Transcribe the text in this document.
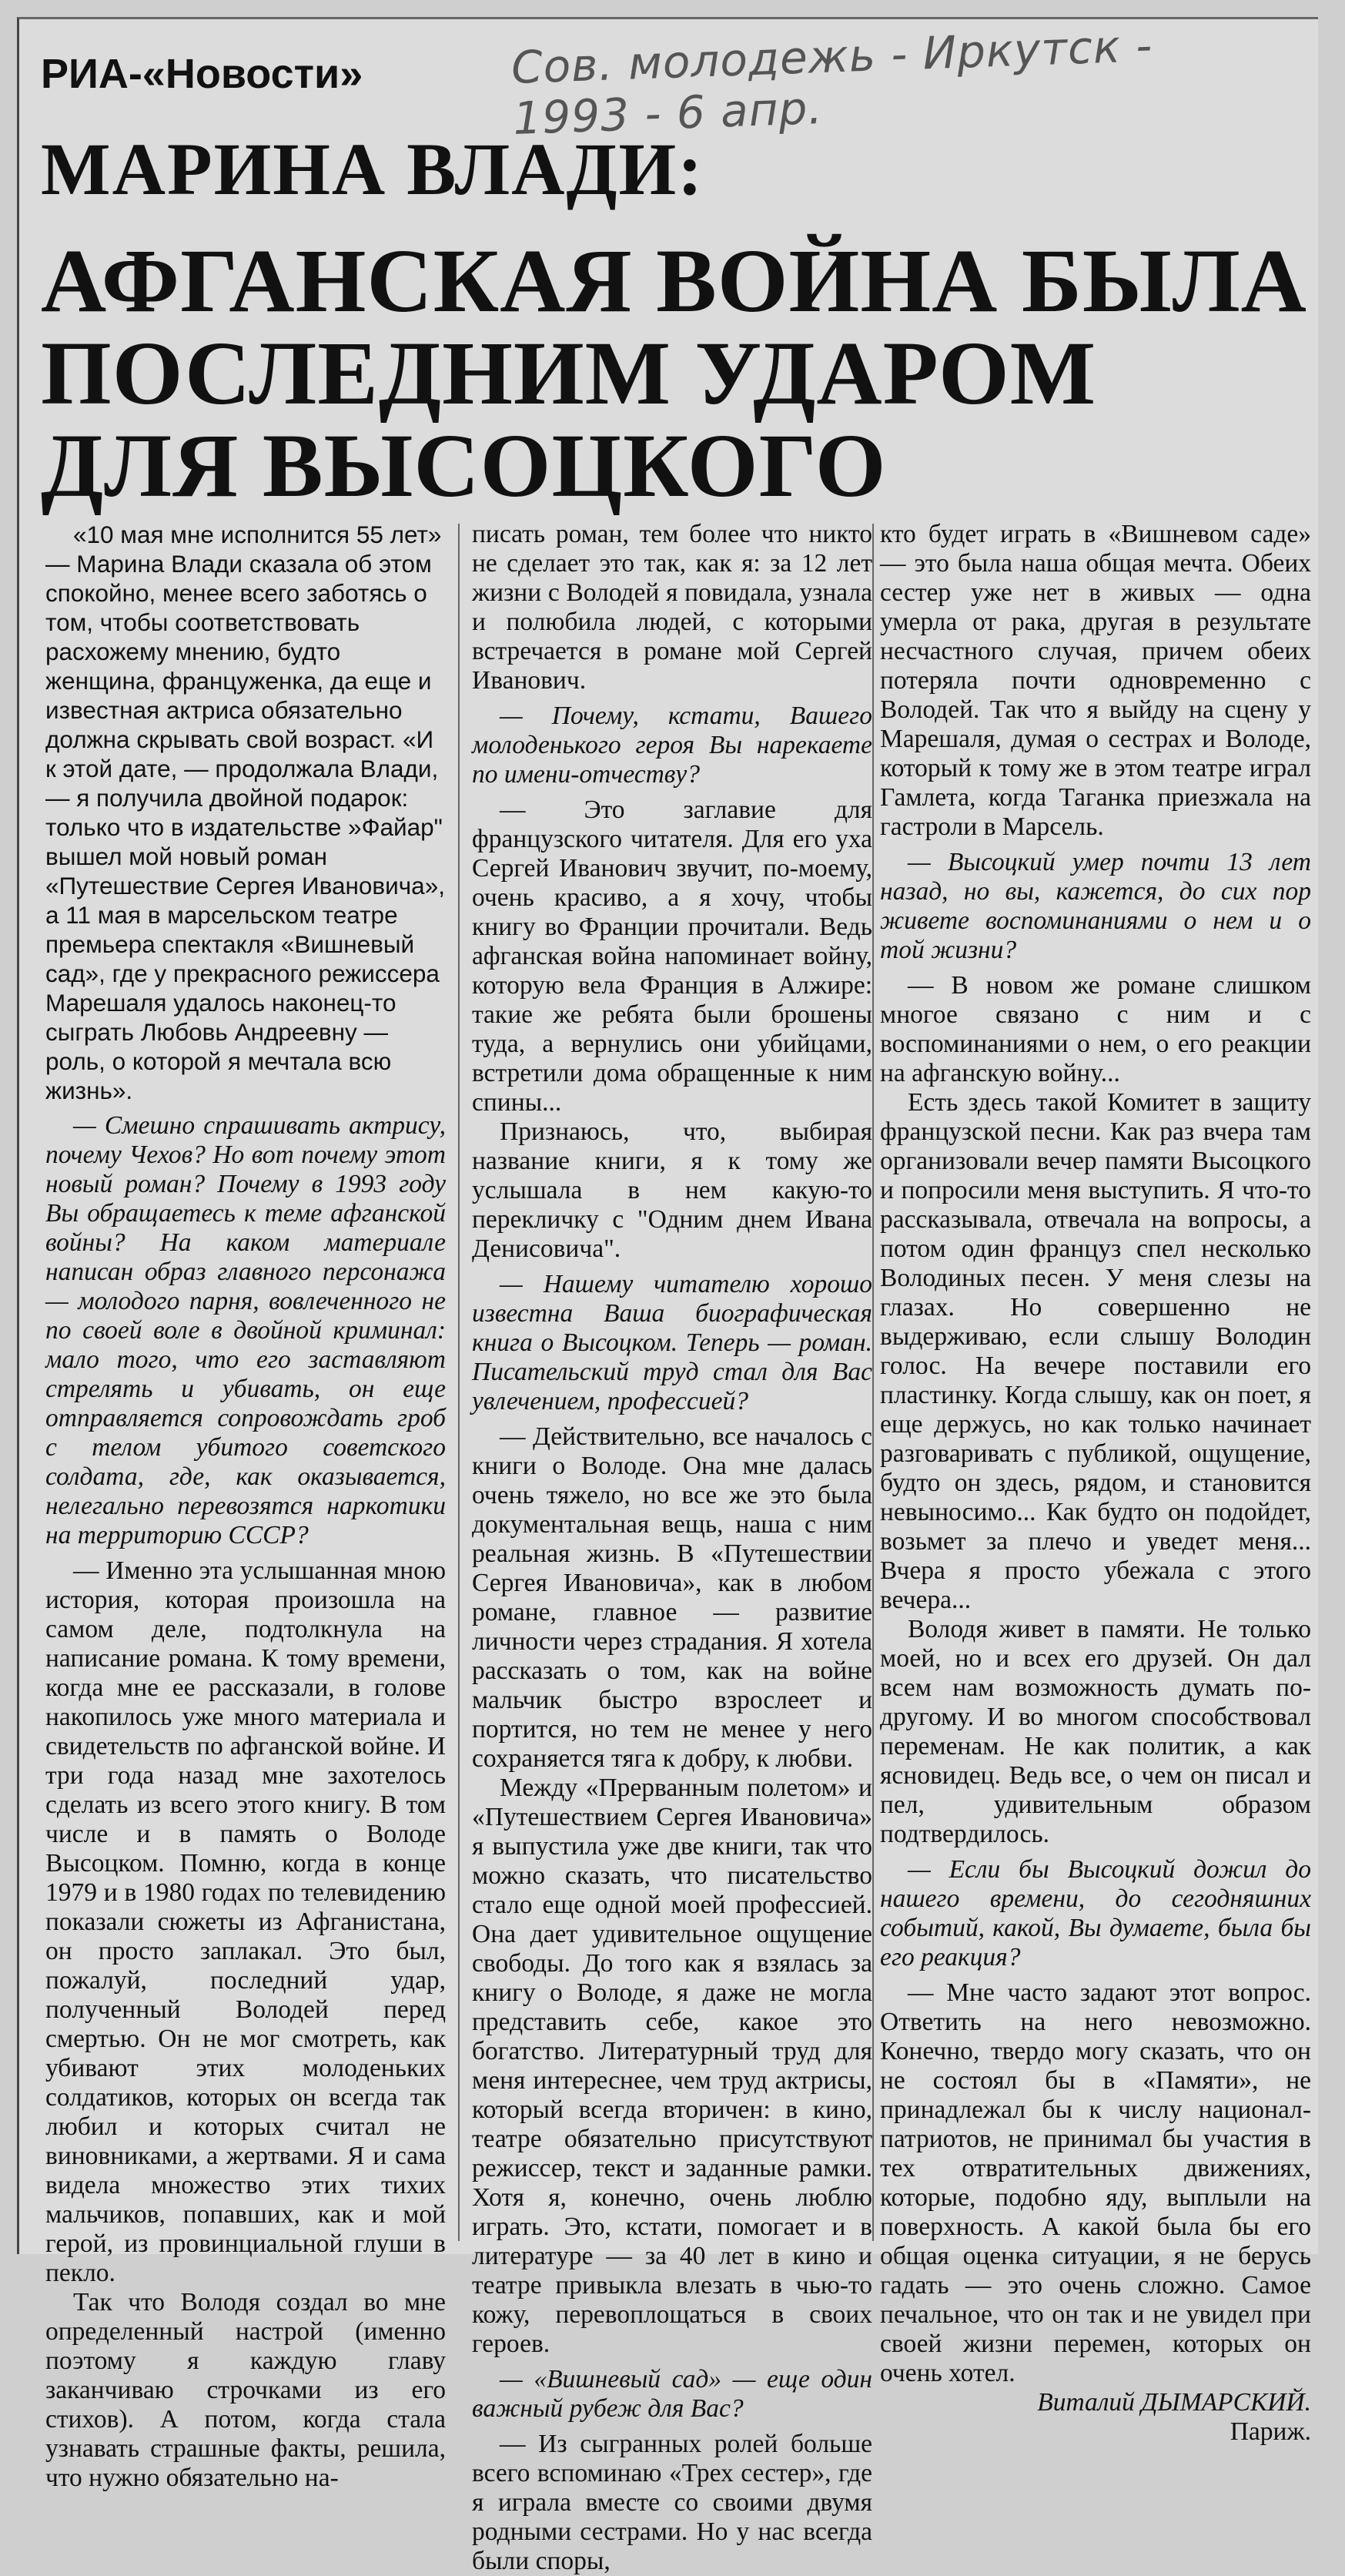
Сов. молодежь - Иркутск -
1993 - 6 апр.
РИА-«Новости»
МАРИНА ВЛАДИ:
АФГАНСКАЯ ВОЙНА БЫЛА
ПОСЛЕДНИМ УДАРОМ
ДЛЯ ВЫСОЦКОГО

«10 мая мне исполнится 55 лет» — Марина Влади сказала об этом спокойно, менее всего заботясь о том, чтобы соответствовать расхожему мнению, будто женщина, француженка, да еще и известная актриса обязательно должна скрывать свой возраст. «И к этой дате, — продолжала Влади, — я получила двойной подарок: только что в издательстве »Файар" вышел мой новый роман «Путешествие Сергея Ивановича», а 11 мая в марсельском театре премьера спектакля «Вишневый сад», где у прекрасного режиссера Марешаля удалось наконец-то сыграть Любовь Андреевну — роль, о которой я мечтала всю жизнь».

— Смешно спрашивать актрису, почему Чехов? Но вот почему этот новый роман? Почему в 1993 году Вы обращаетесь к теме афганской войны? На каком материале написан образ главного персонажа — молодого парня, вовлеченного не по своей воле в двойной криминал: мало того, что его заставляют стрелять и убивать, он еще отправляется сопровождать гроб с телом убитого советского солдата, где, как оказывается, нелегально перевозятся наркотики на территорию СССР?

— Именно эта услышанная мною история, которая произошла на самом деле, подтолкнула на написание романа. К тому времени, когда мне ее рассказали, в голове накопилось уже много материала и свидетельств по афганской войне. И три года назад мне захотелось сделать из всего этого книгу. В том числе и в память о Володе Высоцком. Помню, когда в конце 1979 и в 1980 годах по телевидению показали сюжеты из Афганистана, он просто заплакал. Это был, пожалуй, последний удар, полученный Володей перед смертью. Он не мог смотреть, как убивают этих молоденьких солдатиков, которых он всегда так любил и которых считал не виновниками, а жертвами. Я и сама видела множество этих тихих мальчиков, попавших, как и мой герой, из провинциальной глуши в пекло.

Так что Володя создал во мне определенный настрой (именно поэтому я каждую главу заканчиваю строчками из его стихов). А потом, когда стала узнавать страшные факты, решила, что нужно обязательно на-

писать роман, тем более что никто не сделает это так, как я: за 12 лет жизни с Володей я повидала, узнала и полюбила людей, с которыми встречается в романе мой Сергей Иванович.

— Почему, кстати, Вашего молоденького героя Вы нарекаете по имени-отчеству?

— Это заглавие для французского читателя. Для его уха Сергей Иванович звучит, по-моему, очень красиво, а я хочу, чтобы книгу во Франции прочитали. Ведь афганская война напоминает войну, которую вела Франция в Алжире: такие же ребята были брошены туда, а вернулись они убийцами, встретили дома обращенные к ним спины...

Признаюсь, что, выбирая название книги, я к тому же услышала в нем какую-то перекличку с "Одним днем Ивана Денисовича".

— Нашему читателю хорошо известна Ваша биографическая книга о Высоцком. Теперь — роман. Писательский труд стал для Вас увлечением, профессией?

— Действительно, все началось с книги о Володе. Она мне далась очень тяжело, но все же это была документальная вещь, наша с ним реальная жизнь. В «Путешествии Сергея Ивановича», как в любом романе, главное — развитие личности через страдания. Я хотела рассказать о том, как на войне мальчик быстро взрослеет и портится, но тем не менее у него сохраняется тяга к добру, к любви.

Между «Прерванным полетом» и «Путешествием Сергея Ивановича» я выпустила уже две книги, так что можно сказать, что писательство стало еще одной моей профессией. Она дает удивительное ощущение свободы. До того как я взялась за книгу о Володе, я даже не могла представить себе, какое это богатство. Литературный труд для меня интереснее, чем труд актрисы, который всегда вторичен: в кино, театре обязательно присутствуют режиссер, текст и заданные рамки. Хотя я, конечно, очень люблю играть. Это, кстати, помогает и в литературе — за 40 лет в кино и театре привыкла влезать в чью-то кожу, перевоплощаться в своих героев.

— «Вишневый сад» — еще один важный рубеж для Вас?

— Из сыгранных ролей больше всего вспоминаю «Трех сестер», где я играла вместе со своими двумя родными сестрами. Но у нас всегда были споры,

кто будет играть в «Вишневом саде» — это была наша общая мечта. Обеих сестер уже нет в живых — одна умерла от рака, другая в результате несчастного случая, причем обеих потеряла почти одновременно с Володей. Так что я выйду на сцену у Марешаля, думая о сестрах и Володе, который к тому же в этом театре играл Гамлета, когда Таганка приезжала на гастроли в Марсель.

— Высоцкий умер почти 13 лет назад, но вы, кажется, до сих пор живете воспоминаниями о нем и о той жизни?

— В новом же романе слишком многое связано с ним и с воспоминаниями о нем, о его реакции на афганскую войну...

Есть здесь такой Комитет в защиту французской песни. Как раз вчера там организовали вечер памяти Высоцкого и попросили меня выступить. Я что-то рассказывала, отвечала на вопросы, а потом один француз спел несколько Володиных песен. У меня слезы на глазах. Но совершенно не выдерживаю, если слышу Володин голос. На вечере поставили его пластинку. Когда слышу, как он поет, я еще держусь, но как только начинает разговаривать с публикой, ощущение, будто он здесь, рядом, и становится невыносимо... Как будто он подойдет, возьмет за плечо и уведет меня... Вчера я просто убежала с этого вечера...

Володя живет в памяти. Не только моей, но и всех его друзей. Он дал всем нам возможность думать по-другому. И во многом способствовал переменам. Не как политик, а как ясновидец. Ведь все, о чем он писал и пел, удивительным образом подтвердилось.

— Если бы Высоцкий дожил до нашего времени, до сегодняшних событий, какой, Вы думаете, была бы его реакция?

— Мне часто задают этот вопрос. Ответить на него невозможно. Конечно, твердо могу сказать, что он не состоял бы в «Памяти», не принадлежал бы к числу национал-патриотов, не принимал бы участия в тех отвратительных движениях, которые, подобно яду, выплыли на поверхность. А какой была бы его общая оценка ситуации, я не берусь гадать — это очень сложно. Самое печальное, что он так и не увидел при своей жизни перемен, которых он очень хотел.

Виталий ДЫМАРСКИЙ.

Париж.
